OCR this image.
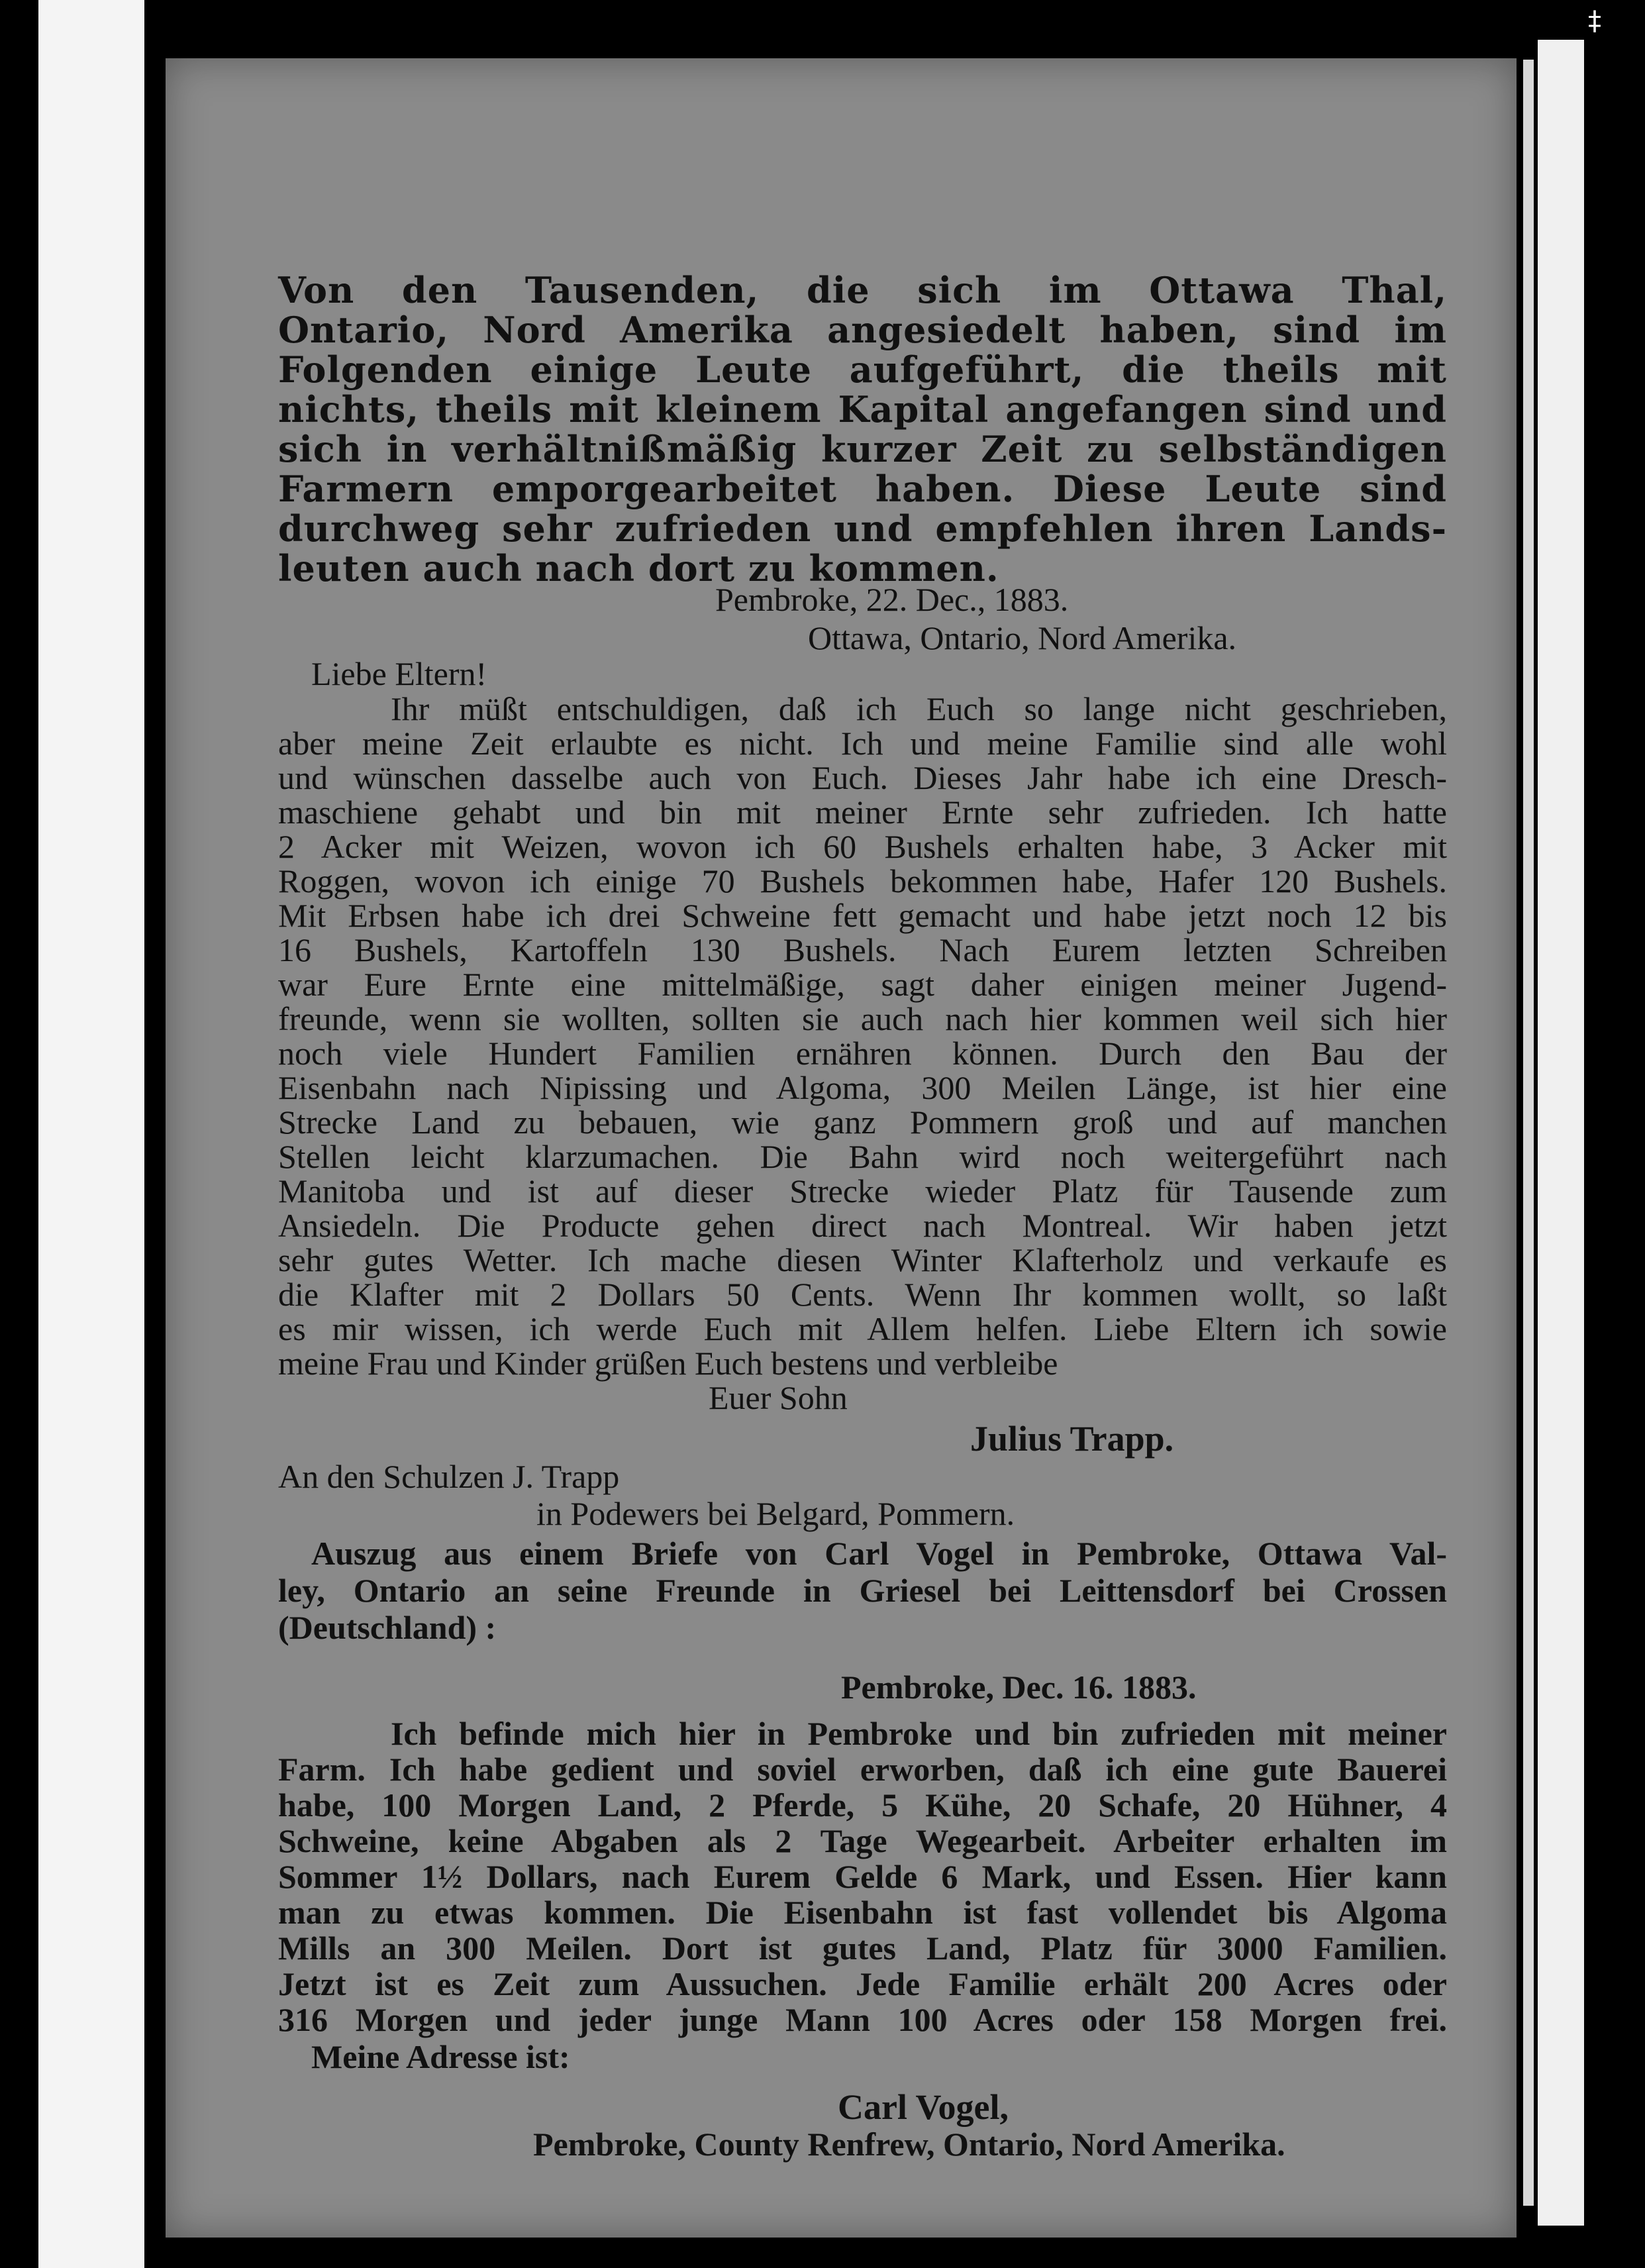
‡
Von den Tausenden, die sich im Ottawa Thal,
Ontario, Nord Amerika angesiedelt haben, sind im
Folgenden einige Leute aufgeführt, die theils mit
nichts, theils mit kleinem Kapital angefangen sind und
sich in verhältnißmäßig kurzer Zeit zu selbständigen
Farmern emporgearbeitet haben. Diese Leute sind
durchweg sehr zufrieden und empfehlen ihren Lands-
leuten auch nach dort zu kommen.
Pembroke, 22. Dec., 1883.
Ottawa, Ontario, Nord Amerika.
Liebe Eltern!
Ihr müßt entschuldigen, daß ich Euch so lange nicht geschrieben,
aber meine Zeit erlaubte es nicht. Ich und meine Familie sind alle wohl
und wünschen dasselbe auch von Euch. Dieses Jahr habe ich eine Dresch-
maschiene gehabt und bin mit meiner Ernte sehr zufrieden. Ich hatte
2 Acker mit Weizen, wovon ich 60 Bushels erhalten habe, 3 Acker mit
Roggen, wovon ich einige 70 Bushels bekommen habe, Hafer 120 Bushels.
Mit Erbsen habe ich drei Schweine fett gemacht und habe jetzt noch 12 bis
16 Bushels, Kartoffeln 130 Bushels. Nach Eurem letzten Schreiben
war Eure Ernte eine mittelmäßige, sagt daher einigen meiner Jugend-
freunde, wenn sie wollten, sollten sie auch nach hier kommen weil sich hier
noch viele Hundert Familien ernähren können. Durch den Bau der
Eisenbahn nach Nipissing und Algoma, 300 Meilen Länge, ist hier eine
Strecke Land zu bebauen, wie ganz Pommern groß und auf manchen
Stellen leicht klarzumachen. Die Bahn wird noch weitergeführt nach
Manitoba und ist auf dieser Strecke wieder Platz für Tausende zum
Ansiedeln. Die Producte gehen direct nach Montreal. Wir haben jetzt
sehr gutes Wetter. Ich mache diesen Winter Klafterholz und verkaufe es
die Klafter mit 2 Dollars 50 Cents. Wenn Ihr kommen wollt, so laßt
es mir wissen, ich werde Euch mit Allem helfen. Liebe Eltern ich sowie
meine Frau und Kinder grüßen Euch bestens und verbleibe
Euer Sohn
Julius Trapp.
An den Schulzen J. Trapp
in Podewers bei Belgard, Pommern.
Auszug aus einem Briefe von Carl Vogel in Pembroke, Ottawa Val-
ley, Ontario an seine Freunde in Griesel bei Leittensdorf bei Crossen
(Deutschland) :
Pembroke, Dec. 16. 1883.
Ich befinde mich hier in Pembroke und bin zufrieden mit meiner
Farm. Ich habe gedient und soviel erworben, daß ich eine gute Bauerei
habe, 100 Morgen Land, 2 Pferde, 5 Kühe, 20 Schafe, 20 Hühner, 4
Schweine, keine Abgaben als 2 Tage Wegearbeit. Arbeiter erhalten im
Sommer 1½ Dollars, nach Eurem Gelde 6 Mark, und Essen. Hier kann
man zu etwas kommen. Die Eisenbahn ist fast vollendet bis Algoma
Mills an 300 Meilen. Dort ist gutes Land, Platz für 3000 Familien.
Jetzt ist es Zeit zum Aussuchen. Jede Familie erhält 200 Acres oder
316 Morgen und jeder junge Mann 100 Acres oder 158 Morgen frei.
Meine Adresse ist:
Carl Vogel,
Pembroke, County Renfrew, Ontario, Nord Amerika.
